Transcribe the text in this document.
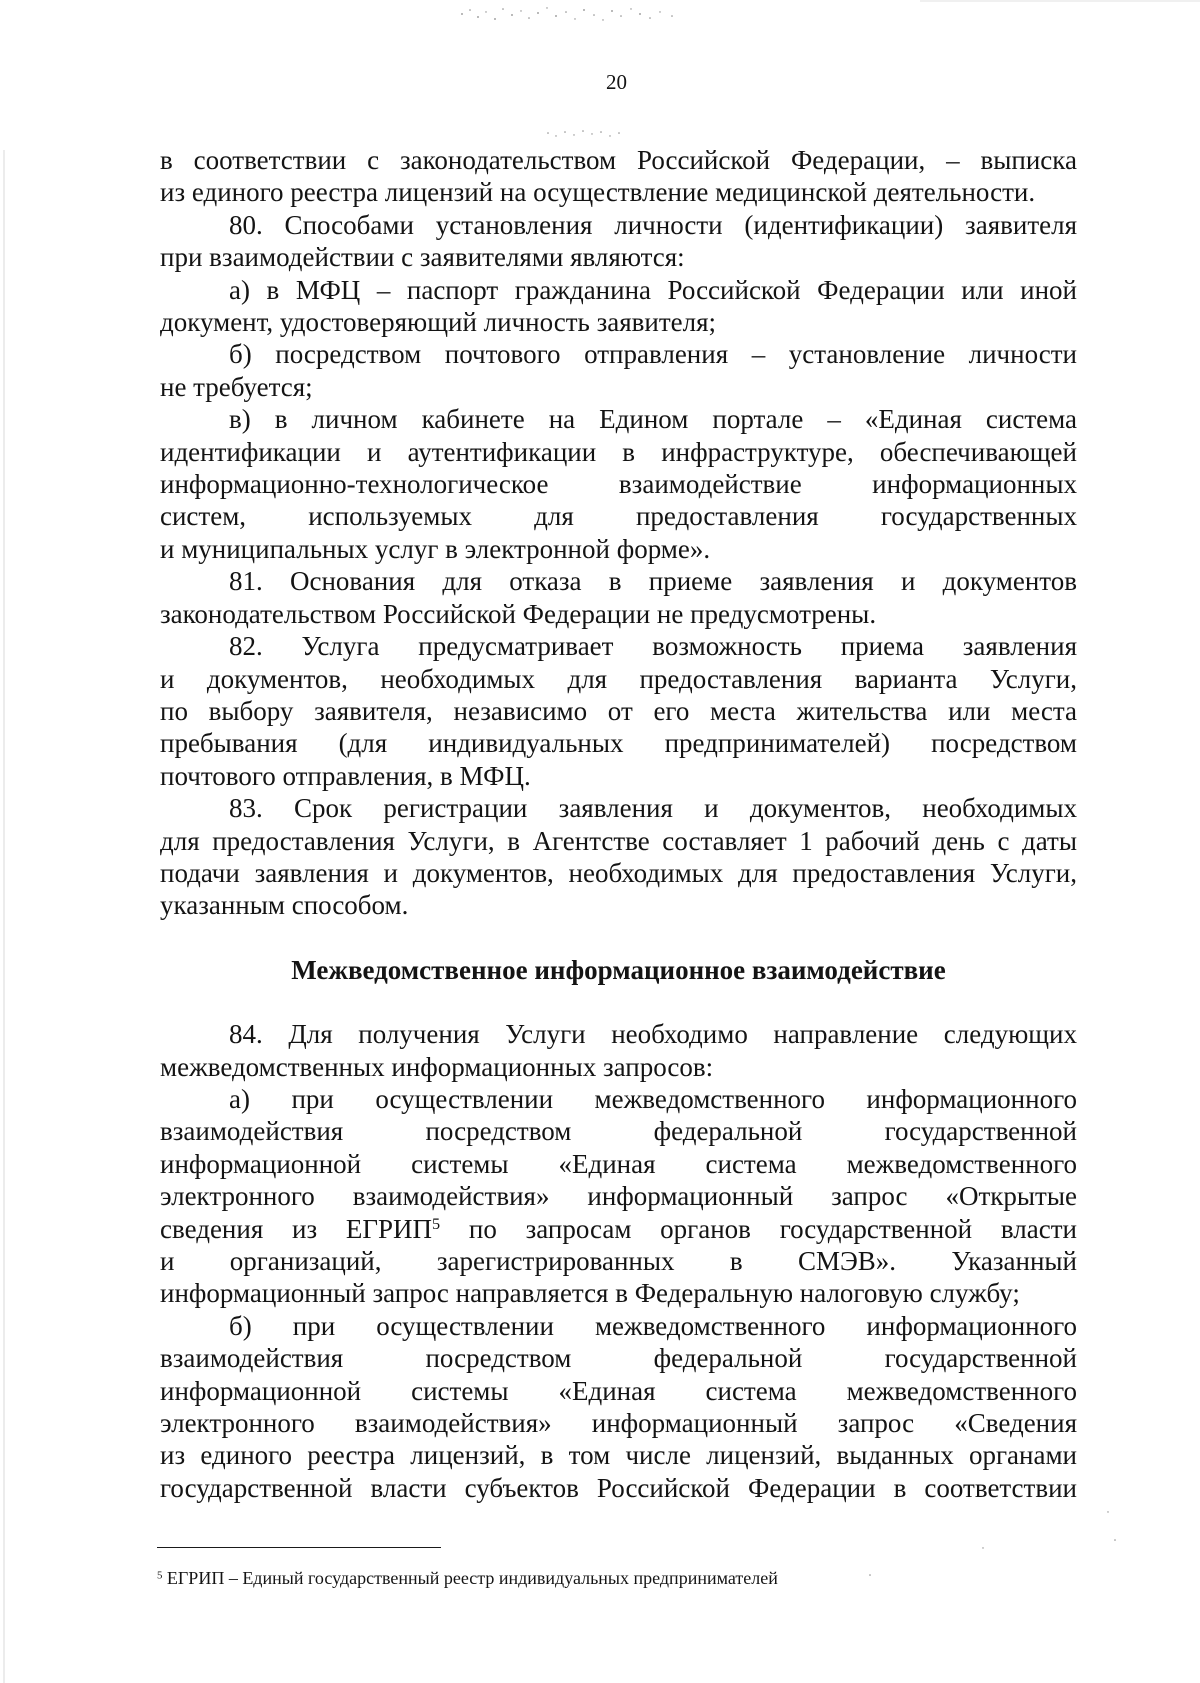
20

в соответствии с законодательством Российской Федерации, – выписка

из единого реестра лицензий на осуществление медицинской деятельности.

80. Способами установления личности (идентификации) заявителя

при взаимодействии с заявителями являются:

а) в МФЦ – паспорт гражданина Российской Федерации или иной

документ, удостоверяющий личность заявителя;

б) посредством почтового отправления – установление личности

не требуется;

в) в личном кабинете на Едином портале – «Единая система

идентификации и аутентификации в инфраструктуре, обеспечивающей

информационно-технологическое взаимодействие информационных

систем, используемых для предоставления государственных

и муниципальных услуг в электронной форме».

81. Основания для отказа в приеме заявления и документов

законодательством Российской Федерации не предусмотрены.

82. Услуга предусматривает возможность приема заявления

и документов, необходимых для предоставления варианта Услуги,

по выбору заявителя, независимо от его места жительства или места

пребывания (для индивидуальных предпринимателей) посредством

почтового отправления, в МФЦ.

83. Срок регистрации заявления и документов, необходимых

для предоставления Услуги, в Агентстве составляет 1 рабочий день с даты

подачи заявления и документов, необходимых для предоставления Услуги,

указанным способом.

Межведомственное информационное взаимодействие

84. Для получения Услуги необходимо направление следующих

межведомственных информационных запросов:

а) при осуществлении межведомственного информационного

взаимодействия посредством федеральной государственной

информационной системы «Единая система межведомственного

электронного взаимодействия» информационный запрос «Открытые

сведения из ЕГРИП$^5$ по запросам органов государственной власти

и организаций, зарегистрированных в СМЭВ». Указанный

информационный запрос направляется в Федеральную налоговую службу;

б) при осуществлении межведомственного информационного

взаимодействия посредством федеральной государственной

информационной системы «Единая система межведомственного

электронного взаимодействия» информационный запрос «Сведения

из единого реестра лицензий, в том числе лицензий, выданных органами

государственной власти субъектов Российской Федерации в соответствии

$^5$ ЕГРИП – Единый государственный реестр индивидуальных предпринимателей
